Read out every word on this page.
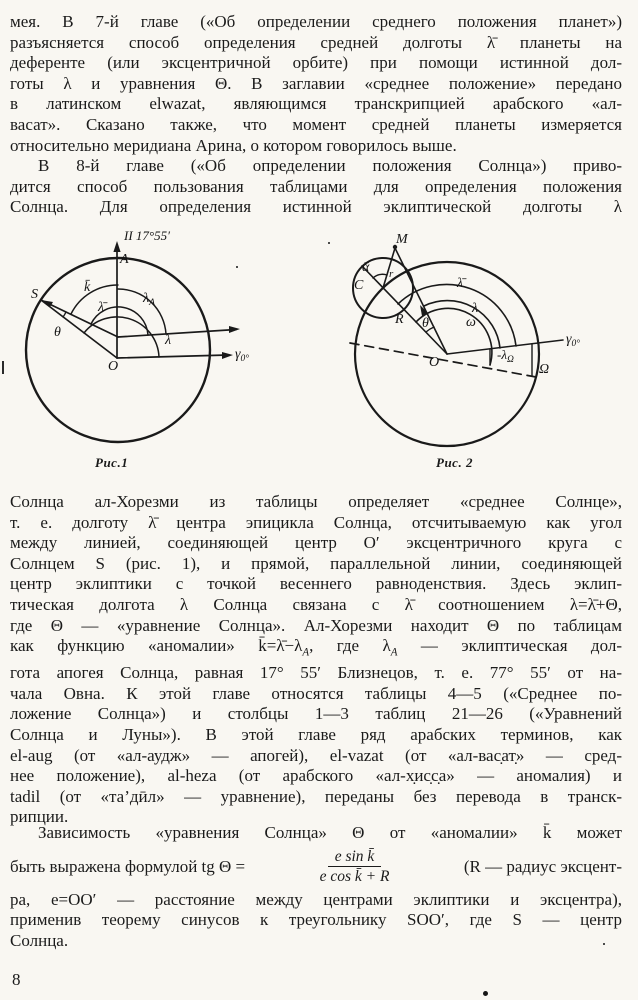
мея. В 7-й главе («Об определении среднего положения планет»)
разъясняется способ определения средней долготы λ̄ планеты на
деференте (или эксцентричной орбите) при помощи истинной дол-
готы λ и уравнения Θ. В заглавии «среднее положение» передано
в латинском elwazat, являющимся транскрипцией арабского «ал-
васат». Сказано также, что момент средней планеты измеряется
относительно меридиана Арина, о котором говорилось выше.
В 8-й главе («Об определении положения Солнца») приво-
дится способ пользования таблицами для определения положения
Солнца. Для определения истинной эклиптической долготы λ
II 17°55′
A
S	k̄
λ̄
$\lambda_A$
θ
λ
O
$\gamma_{0^\circ}$
Рис.1
M
ᾱ
C
r
R θ
λ̄
λ
ω
$\gamma_{0^\circ}$
$-\lambda_\Omega$
Ω
O
Рис. 2
Солнца ал-Хорезми из таблицы определяет «среднее Солнце»,
т. е. долготу λ̄ центра эпицикла Солнца, отсчитываемую как угол
между линией, соединяющей центр O′ эксцентричного круга с
Солнцем S (рис. 1), и прямой, параллельной линии, соединяющей
центр эклиптики с точкой весеннего равноденствия. Здесь эклип-
тическая долгота λ Солнца связана с λ̄ соотношением λ=λ̄+Θ,
где Θ — «уравнение Солнца». Ал-Хорезми находит Θ по таблицам
как функцию «аномалии» $k̄=\lambdā-\lambda_A$, где $\lambda_A$ — эклиптическая дол-
гота апогея Солнца, равная 17° 55′ Близнецов, т. е. 77° 55′ от на-
чала Овна. К этой главе относятся таблицы 4—5 («Среднее по-
ложение Солнца») и столбцы 1—3 таблиц 21—26 («Уравнений
Солнца и Луны»). В этой главе ряд арабских терминов, как
el-aug (от «ал-аудж» — апогей), el-vazat (от «ал-вас̣ат̣» — сред-
нее положение), al-heza (от арабского «ал-х̣ис̣с̣а» — аномалия) и
tadil (от «та’дӣл» — уравнение), переданы без перевода в транск-
рипции.
Зависимость «уравнения Солнца» Θ от «аномалии» k̄ может
быть выражена формулой tg Θ =	$\frac{\text{e sin k̄}}{\text{e cos k̄ + R}}$	(R — радиус эксцент-
ра, e=OO′ — расстояние между центрами эклиптики и эксцентра),
применив теорему синусов к треугольнику SOO′, где S — центр
Солнца.
8
